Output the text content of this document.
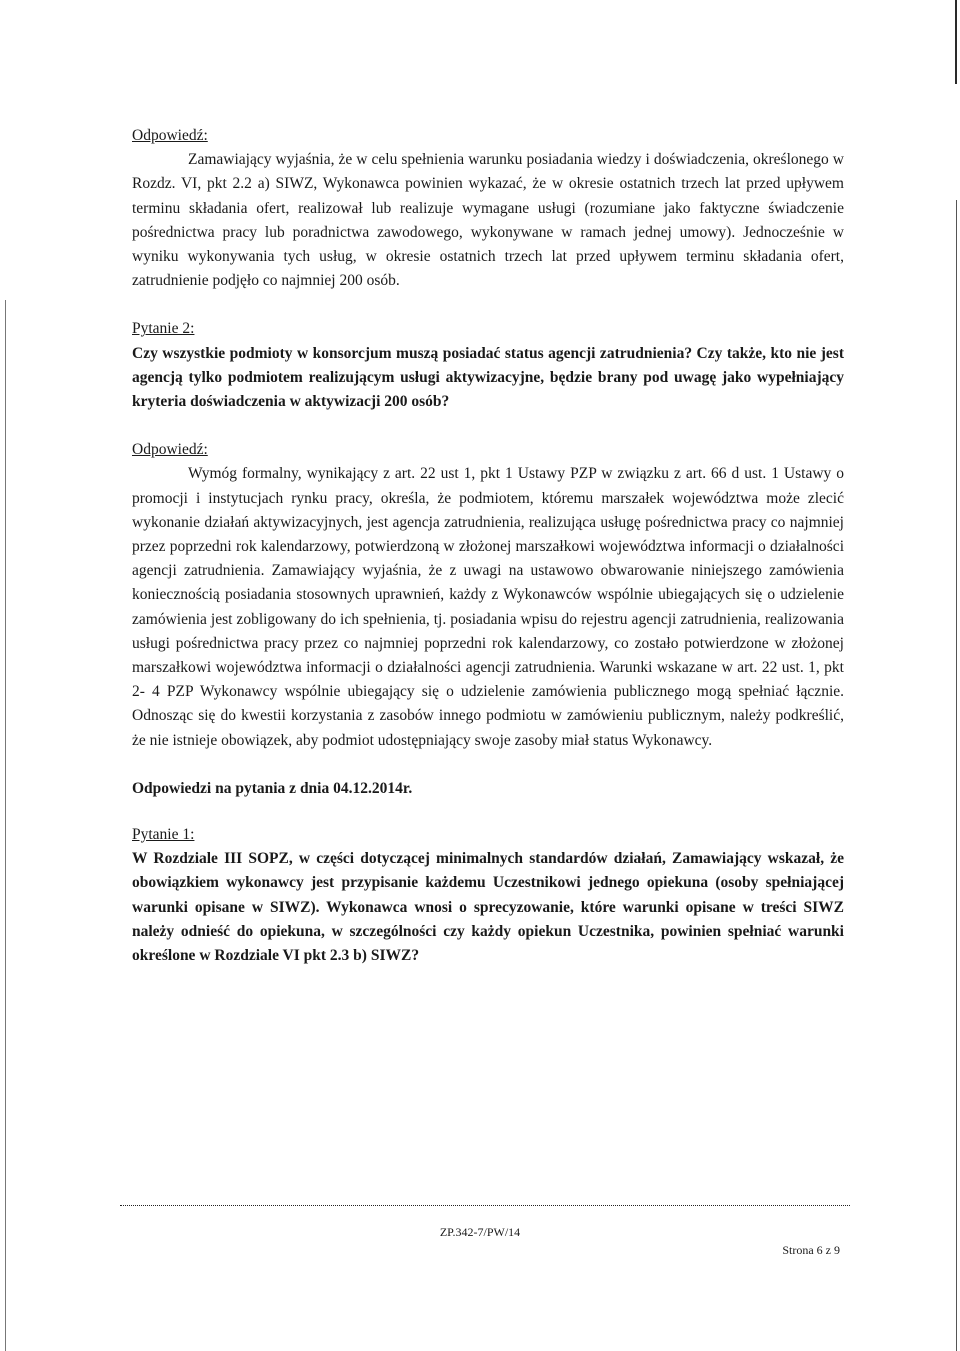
Odpowiedź:

Zamawiający wyjaśnia, że w celu spełnienia warunku posiadania wiedzy i doświadczenia, określonego w Rozdz. VI, pkt 2.2 a) SIWZ, Wykonawca powinien wykazać, że w okresie ostatnich trzech lat przed upływem terminu składania ofert, realizował lub realizuje wymagane usługi (rozumiane jako faktyczne świadczenie pośrednictwa pracy lub poradnictwa zawodowego, wykonywane w ramach jednej umowy). Jednocześnie w wyniku wykonywania tych usług, w okresie ostatnich trzech lat przed upływem terminu składania ofert, zatrudnienie podjęło co najmniej 200 osób.

Pytanie 2:

Czy wszystkie podmioty w konsorcjum muszą posiadać status agencji zatrudnienia? Czy także, kto nie jest agencją tylko podmiotem realizującym usługi aktywizacyjne, będzie brany pod uwagę jako wypełniający kryteria doświadczenia w aktywizacji 200 osób?

Odpowiedź:

Wymóg formalny, wynikający z art. 22 ust 1, pkt 1 Ustawy PZP w związku z art. 66 d ust. 1 Ustawy o promocji i instytucjach rynku pracy, określa, że podmiotem, któremu marszałek województwa może zlecić wykonanie działań aktywizacyjnych, jest agencja zatrudnienia, realizująca usługę pośrednictwa pracy co najmniej przez poprzedni rok kalendarzowy, potwierdzoną w złożonej marszałkowi województwa informacji o działalności agencji zatrudnienia. Zamawiający wyjaśnia, że z uwagi na ustawowo obwarowanie niniejszego zamówienia koniecznością posiadania stosownych uprawnień, każdy z Wykonawców wspólnie ubiegających się o udzielenie zamówienia jest zobligowany do ich spełnienia, tj. posiadania wpisu do rejestru agencji zatrudnienia, realizowania usługi pośrednictwa pracy przez co najmniej poprzedni rok kalendarzowy, co zostało potwierdzone w złożonej marszałkowi województwa informacji o działalności agencji zatrudnienia. Warunki wskazane w art. 22 ust. 1, pkt 2- 4 PZP Wykonawcy wspólnie ubiegający się o udzielenie zamówienia publicznego mogą spełniać łącznie. Odnosząc się do kwestii korzystania z zasobów innego podmiotu w zamówieniu publicznym, należy podkreślić, że nie istnieje obowiązek, aby podmiot udostępniający swoje zasoby miał status Wykonawcy.

Odpowiedzi na pytania z dnia 04.12.2014r.

Pytanie 1:

W Rozdziale III SOPZ, w części dotyczącej minimalnych standardów działań, Zamawiający wskazał, że obowiązkiem wykonawcy jest przypisanie każdemu Uczestnikowi jednego opiekuna (osoby spełniającej warunki opisane w SIWZ). Wykonawca wnosi o sprecyzowanie, które warunki opisane w treści SIWZ należy odnieść do opiekuna, w szczególności czy każdy opiekun Uczestnika, powinien spełniać warunki określone w Rozdziale VI pkt 2.3 b) SIWZ?

ZP.342-7/PW/14
Strona 6 z 9
